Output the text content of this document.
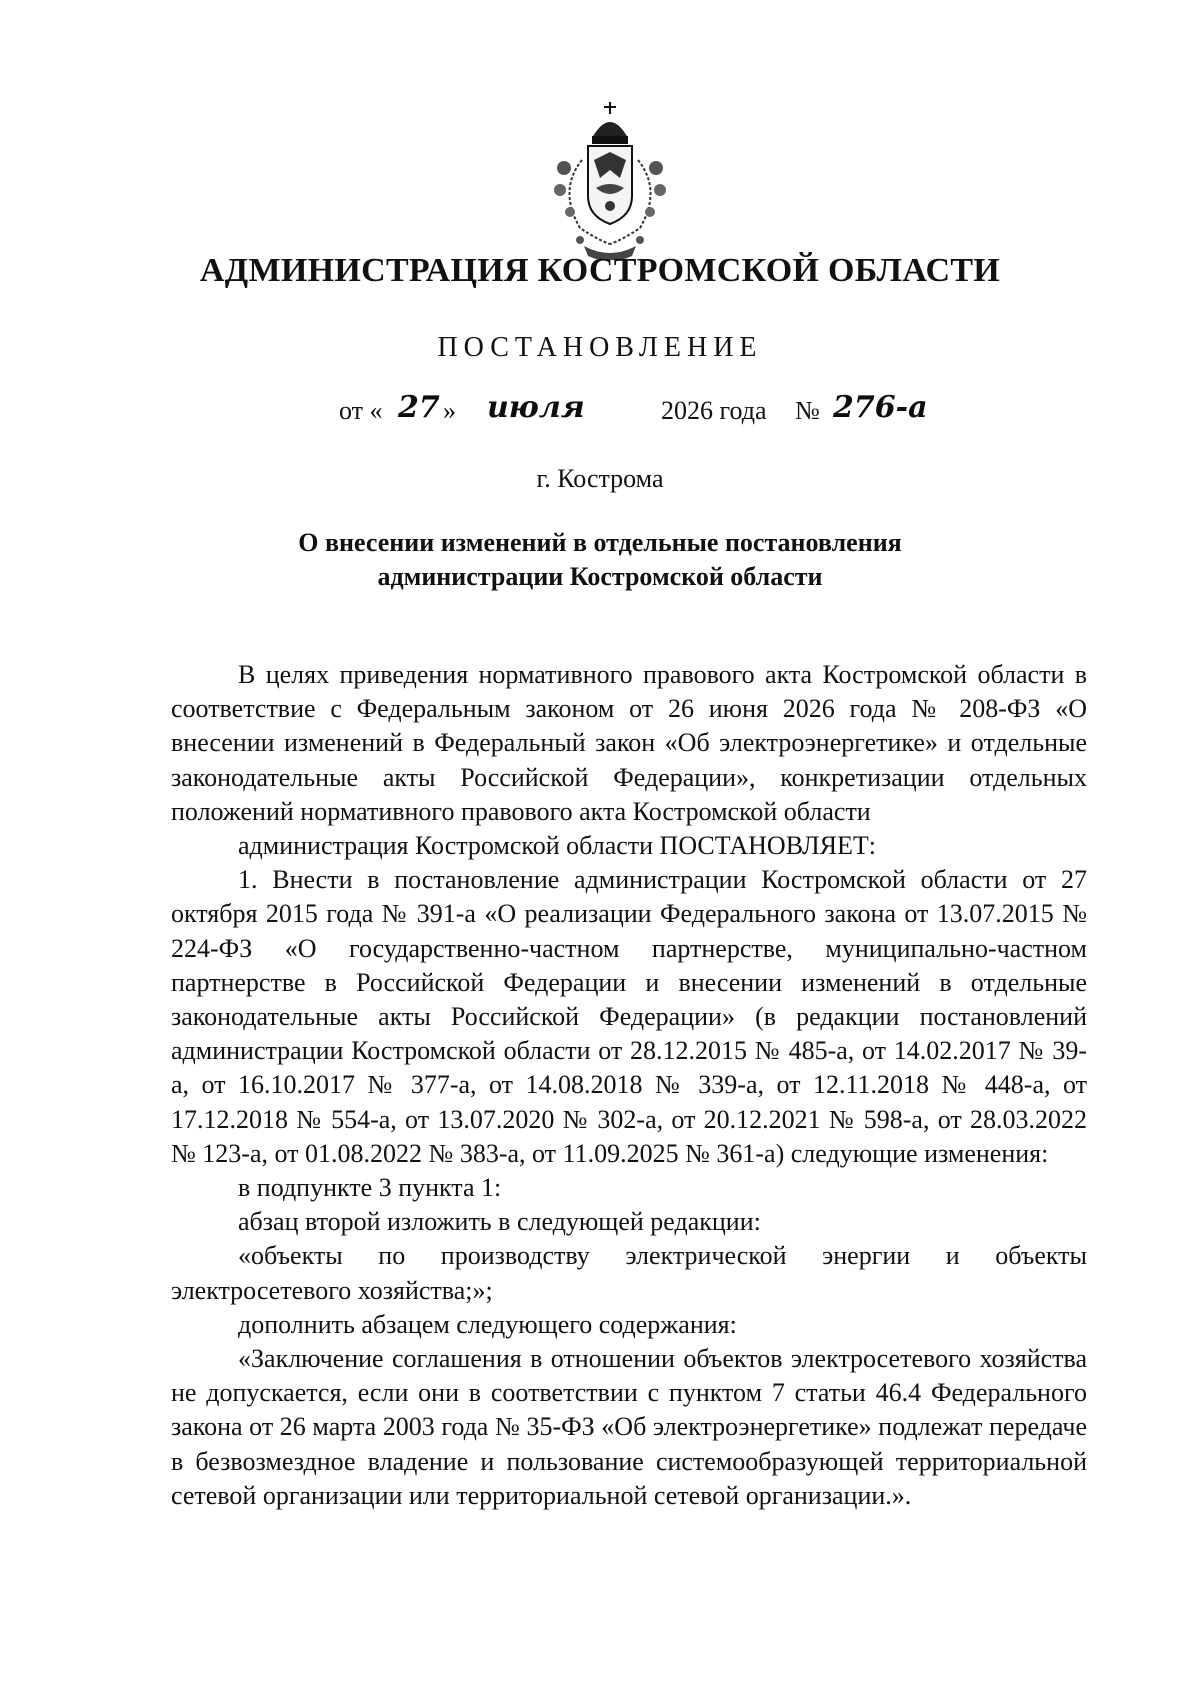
АДМИНИСТРАЦИЯ КОСТРОМСКОЙ ОБЛАСТИ
ПОСТАНОВЛЕНИЕ
от « 27 » июля	2026 года № 276-а
г. Кострома
О внесении изменений в отдельные постановления
администрации Костромской области

В целях приведения нормативного правового акта Костромской области в соответствие с Федеральным законом от 26 июня 2026 года № 208-ФЗ «О внесении изменений в Федеральный закон «Об электроэнергетике» и отдельные законодательные акты Российской Федерации», конкретизации отдельных положений нормативного правового акта Костромской области

администрация Костромской области ПОСТАНОВЛЯЕТ:

1. Внести в постановление администрации Костромской области от 27 октября 2015 года № 391-а «О реализации Федерального закона от 13.07.2015 № 224-ФЗ «О государственно-частном партнерстве, муниципально-частном партнерстве в Российской Федерации и внесении изменений в отдельные законодательные акты Российской Федерации» (в редакции постановлений администрации Костромской области от 28.12.2015 № 485-а, от 14.02.2017 № 39-а, от 16.10.2017 № 377-а, от 14.08.2018 № 339-а, от 12.11.2018 № 448-а, от 17.12.2018 № 554-а, от 13.07.2020 № 302-а, от 20.12.2021 № 598-а, от 28.03.2022 № 123-а, от 01.08.2022 № 383-а, от 11.09.2025 № 361-а) следующие изменения:

в подпункте 3 пункта 1:

абзац второй изложить в следующей редакции:

«объекты по производству электрической энергии и объекты электросетевого хозяйства;»;

дополнить абзацем следующего содержания:

«Заключение соглашения в отношении объектов электросетевого хозяйства не допускается, если они в соответствии с пунктом 7 статьи 46.4 Федерального закона от 26 марта 2003 года № 35-ФЗ «Об электроэнергетике» подлежат передаче в безвозмездное владение и пользование системообразующей территориальной сетевой организации или территориальной сетевой организации.».
